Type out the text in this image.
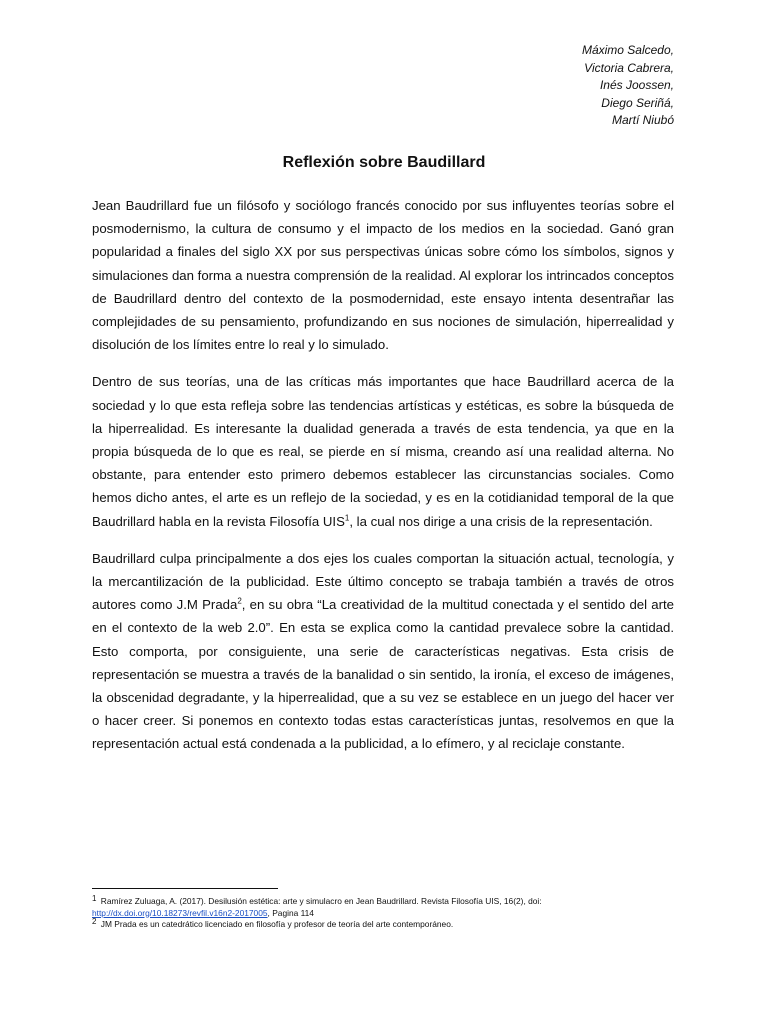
Máximo Salcedo,
Victoria Cabrera,
Inés Joossen,
Diego Seriñá,
Martí Niubó
Reflexión sobre Baudillard

Jean Baudrillard fue un filósofo y sociólogo francés conocido por sus influyentes teorías sobre el posmodernismo, la cultura de consumo y el impacto de los medios en la sociedad. Ganó gran popularidad a finales del siglo XX por sus perspectivas únicas sobre cómo los símbolos, signos y simulaciones dan forma a nuestra comprensión de la realidad. Al explorar los intrincados conceptos de Baudrillard dentro del contexto de la posmodernidad, este ensayo intenta desentrañar las complejidades de su pensamiento, profundizando en sus nociones de simulación, hiperrealidad y disolución de los límites entre lo real y lo simulado.

Dentro de sus teorías, una de las críticas más importantes que hace Baudrillard acerca de la sociedad y lo que esta refleja sobre las tendencias artísticas y estéticas, es sobre la búsqueda de la hiperrealidad. Es interesante la dualidad generada a través de esta tendencia, ya que en la propia búsqueda de lo que es real, se pierde en sí misma, creando así una realidad alterna. No obstante, para entender esto primero debemos establecer las circunstancias sociales. Como hemos dicho antes, el arte es un reflejo de la sociedad, y es en la cotidianidad temporal de la que Baudrillard habla en la revista Filosofía UIS$^1$, la cual nos dirige a una crisis de la representación.

Baudrillard culpa principalmente a dos ejes los cuales comportan la situación actual, tecnología, y la mercantilización de la publicidad. Este último concepto se trabaja también a través de otros autores como J.M Prada$^2$, en su obra “La creatividad de la multitud conectada y el sentido del arte en el contexto de la web 2.0”. En esta se explica como la cantidad prevalece sobre la cantidad. Esto comporta, por consiguiente, una serie de características negativas. Esta crisis de representación se muestra a través de la banalidad o sin sentido, la ironía, el exceso de imágenes, la obscenidad degradante, y la hiperrealidad, que a su vez se establece en un juego del hacer ver o hacer creer. Si ponemos en contexto todas estas características juntas, resolvemos en que la representación actual está condenada a la publicidad, a lo efímero, y al reciclaje constante.

$^1$ Ramírez Zuluaga, A. (2017). Desilusión estética: arte y simulacro en Jean Baudrillard. Revista Filosofía UIS, 16(2), doi:
http://dx.doi.org/10.18273/revfil.v16n2-2017005, Pagina 114

$^2$ JM Prada es un catedrático licenciado en filosofía y profesor de teoría del arte contemporáneo.
